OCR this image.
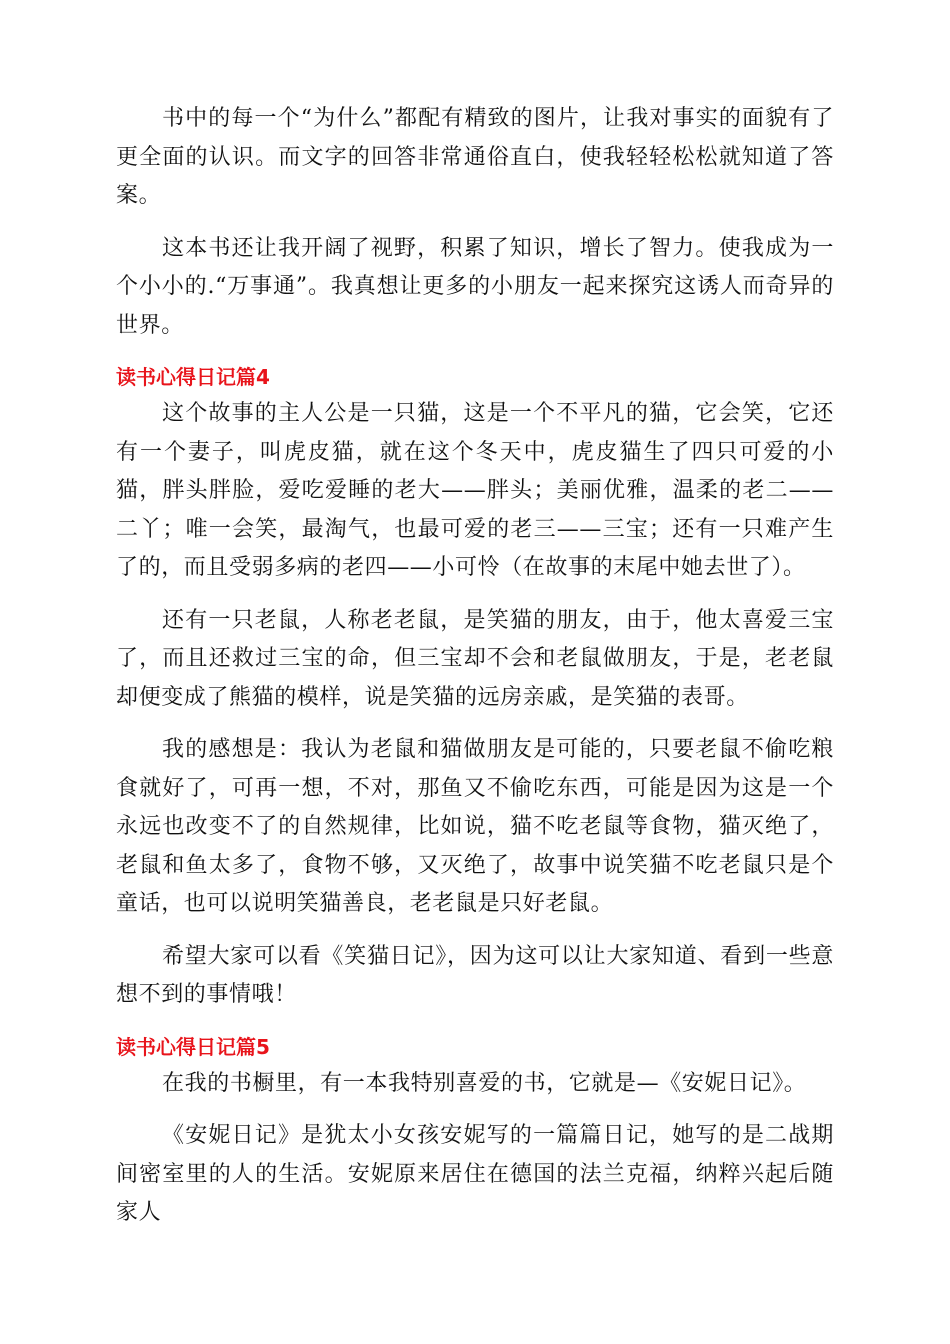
书中的每一个“为什么”都配有精致的图片，让我对事实的面貌有了更全面的认识。而文字的回答非常通俗直白，使我轻轻松松就知道了答案。

这本书还让我开阔了视野，积累了知识，增长了智力。使我成为一个小小的.“万事通”。我真想让更多的小朋友一起来探究这诱人而奇异的世界。

读书心得日记篇4

这个故事的主人公是一只猫，这是一个不平凡的猫，它会笑，它还有一个妻子，叫虎皮猫，就在这个冬天中，虎皮猫生了四只可爱的小猫，胖头胖脸，爱吃爱睡的老大——胖头；美丽优雅，温柔的老二——二丫；唯一会笑，最淘气，也最可爱的老三——三宝；还有一只难产生了的，而且受弱多病的老四——小可怜（在故事的末尾中她去世了）。

还有一只老鼠，人称老老鼠，是笑猫的朋友，由于，他太喜爱三宝了，而且还救过三宝的命，但三宝却不会和老鼠做朋友，于是，老老鼠却便变成了熊猫的模样，说是笑猫的远房亲戚，是笑猫的表哥。

我的感想是：我认为老鼠和猫做朋友是可能的，只要老鼠不偷吃粮食就好了，可再一想，不对，那鱼又不偷吃东西，可能是因为这是一个永远也改变不了的自然规律，比如说，猫不吃老鼠等食物，猫灭绝了，老鼠和鱼太多了，食物不够，又灭绝了，故事中说笑猫不吃老鼠只是个童话，也可以说明笑猫善良，老老鼠是只好老鼠。

希望大家可以看《笑猫日记》，因为这可以让大家知道、看到一些意想不到的事情哦！

读书心得日记篇5

在我的书橱里，有一本我特别喜爱的书，它就是—《安妮日记》。

《安妮日记》是犹太小女孩安妮写的一篇篇日记，她写的是二战期间密室里的人的生活。安妮原来居住在德国的法兰克福，纳粹兴起后随家人
